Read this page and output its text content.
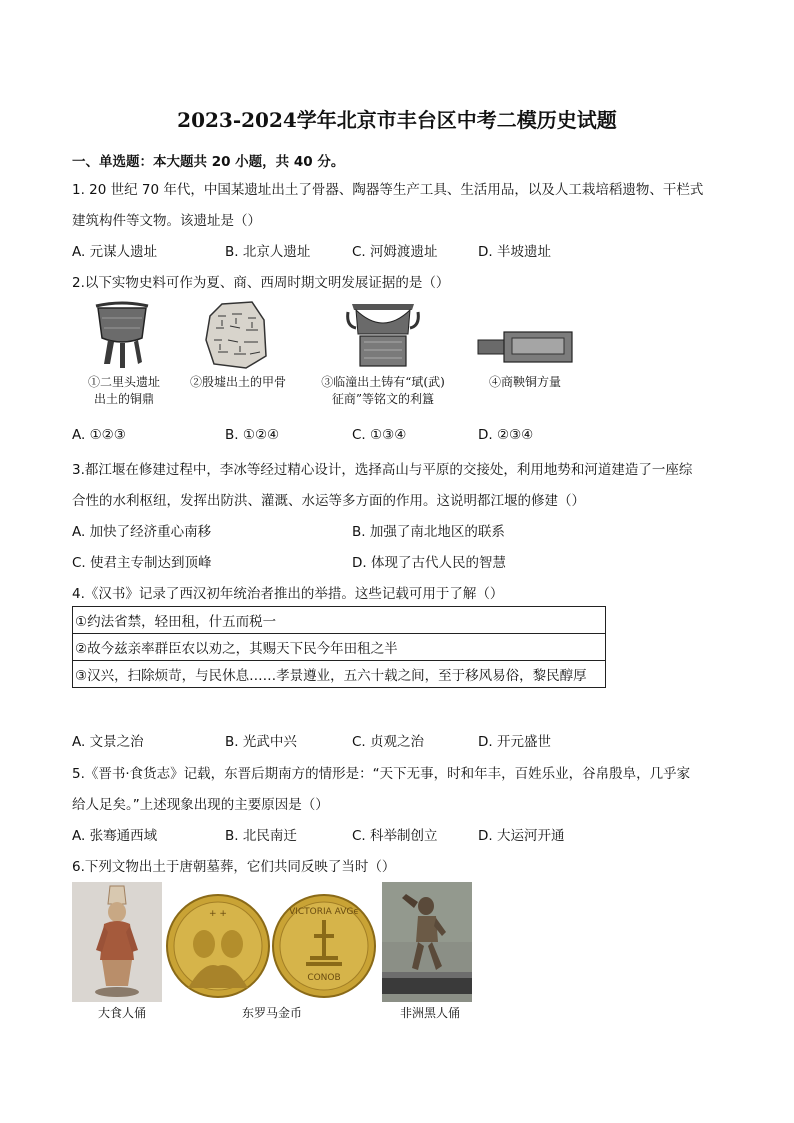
2023-2024学年北京市丰台区中考二模历史试题
一、单选题：本大题共 20 小题，共 40 分。
1. 20 世纪 70 年代，中国某遗址出土了骨器、陶器等生产工具、生活用品，以及人工栽培稻遗物、干栏式
建筑构件等文物。该遗址是（）
A. 元谋人遗址	B. 北京人遗址	C. 河姆渡遗址	D. 半坡遗址
2.以下实物史料可作为夏、商、西周时期文明发展证据的是（）
①二里头遗址
出土的铜鼎
②殷墟出土的甲骨	③临潼出土铸有“珷(武)
征商”等铭文的利簋
④商鞅铜方量
A. ①②③	B. ①②④	C. ①③④	D. ②③④
3.都江堰在修建过程中，李冰等经过精心设计，选择高山与平原的交接处，利用地势和河道建造了一座综
合性的水利枢纽，发挥出防洪、灌溉、水运等多方面的作用。这说明都江堰的修建（）
A. 加快了经济重心南移	B. 加强了南北地区的联系
C. 使君主专制达到顶峰	D. 体现了古代人民的智慧
4.《汉书》记录了西汉初年统治者推出的举措。这些记载可用于了解（）
①约法省禁，轻田租，什五而税一
②故今兹亲率群臣农以劝之，其赐天下民今年田租之半
③汉兴，扫除烦苛，与民休息……孝景遵业，五六十载之间，至于移风易俗，黎民醇厚
A. 文景之治	B. 光武中兴	C. 贞观之治	D. 开元盛世
5.《晋书·食货志》记载，东晋后期南方的情形是：“天下无事，时和年丰，百姓乐业，谷帛殷阜，几乎家
给人足矣。”上述现象出现的主要原因是（）
A. 张骞通西域	B. 北民南迁	C. 科举制创立	D. 大运河开通
6.下列文物出土于唐朝墓葬，它们共同反映了当时（）
大食人俑
+ +	VICTORIA AVGϵ
CONOB
东罗马金币	非洲黑人俑
